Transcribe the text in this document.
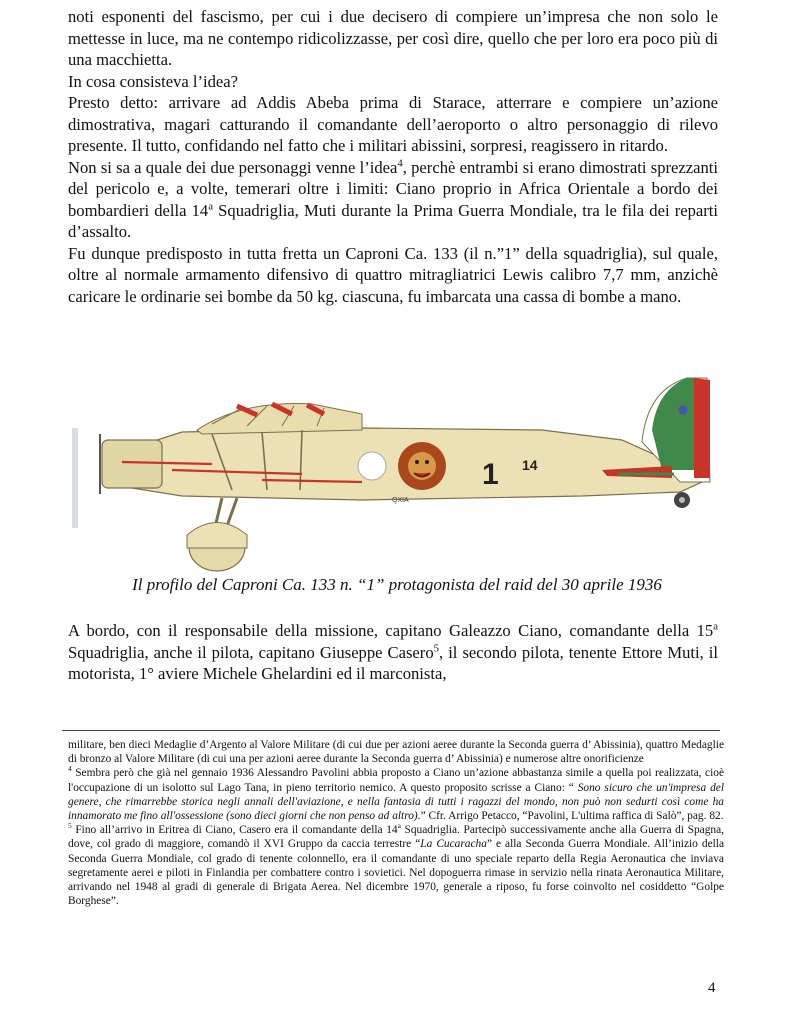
noti esponenti del fascismo, per cui i due decisero di compiere un’impresa che non solo le mettesse in luce, ma ne contempo ridicolizzasse, per così dire, quello che per loro era poco più di una macchietta.

In cosa consisteva l’idea?

Presto detto: arrivare ad Addis Abeba prima di Starace, atterrare e compiere un’azione dimostrativa, magari catturando il comandante dell’aeroporto o altro personaggio di rilevo presente. Il tutto, confidando nel fatto che i militari abissini, sorpresi, reagissero in ritardo.

Non si sa a quale dei due personaggi venne l’idea$^4$, perchè entrambi si erano dimostrati sprezzanti del pericolo e, a volte, temerari oltre i limiti: Ciano proprio in Africa Orientale a bordo dei bombardieri della 14$^a$ Squadriglia, Muti durante la Prima Guerra Mondiale, tra le fila dei reparti d’assalto.

Fu dunque predisposto in tutta fretta un Caproni Ca. 133 (il n.”1” della squadriglia), sul quale, oltre al normale armamento difensivo di quattro mitragliatrici Lewis calibro 7,7 mm, anzichè caricare le ordinarie sei bombe da 50 kg. ciascuna, fu imbarcata una cassa di bombe a mano.

QXIA
1 14
Il profilo del Caproni Ca. 133 n. “1” protagonista del raid del 30 aprile 1936

A bordo, con il responsabile della missione, capitano Galeazzo Ciano, comandante della 15$^a$ Squadriglia, anche il pilota, capitano Giuseppe Casero$^5$, il secondo pilota, tenente Ettore Muti, il motorista, 1° aviere Michele Ghelardini ed il marconista,

militare, ben dieci Medaglie d’Argento al Valore Militare (di cui due per azioni aeree durante la Seconda guerra d’ Abissinia), quattro Medaglie di bronzo al Valore Militare (di cui una per azioni aeree durante la Seconda guerra d’ Abissinia) e numerose altre onorificienze

$^4$ Sembra però che già nel gennaio 1936 Alessandro Pavolini abbia proposto a Ciano un’azione abbastanza simile a quella poi realizzata, cioè l'occupazione di un isolotto sul Lago Tana, in pieno territorio nemico. A questo proposito scrisse a Ciano: “ Sono sicuro che un'impresa del genere, che rimarrebbe storica negli annali dell'aviazione, e nella fantasia di tutti i ragazzi del mondo, non può non sedurti così come ha innamorato me fino all'ossessione (sono dieci giorni che non penso ad altro).” Cfr. Arrigo Petacco, “Pavolini, L'ultima raffica di Salò”, pag. 82.

$^5$ Fino all’arrivo in Eritrea di Ciano, Casero era il comandante della 14$^a$ Squadriglia. Partecipò successivamente anche alla Guerra di Spagna, dove, col grado di maggiore, comandò il XVI Gruppo da caccia terrestre “La Cucaracha” e alla Seconda Guerra Mondiale. All’inizio della Seconda Guerra Mondiale, col grado di tenente colonnello, era il comandante di uno speciale reparto della Regia Aeronautica che inviava segretamente aerei e piloti in Finlandia per combattere contro i sovietici. Nel dopoguerra rimase in servizio nella rinata Aeronautica Militare, arrivando nel 1948 al gradi di generale di Brigata Aerea. Nel dicembre 1970, generale a riposo, fu forse coinvolto nel cosiddetto “Golpe Borghese”.

4
